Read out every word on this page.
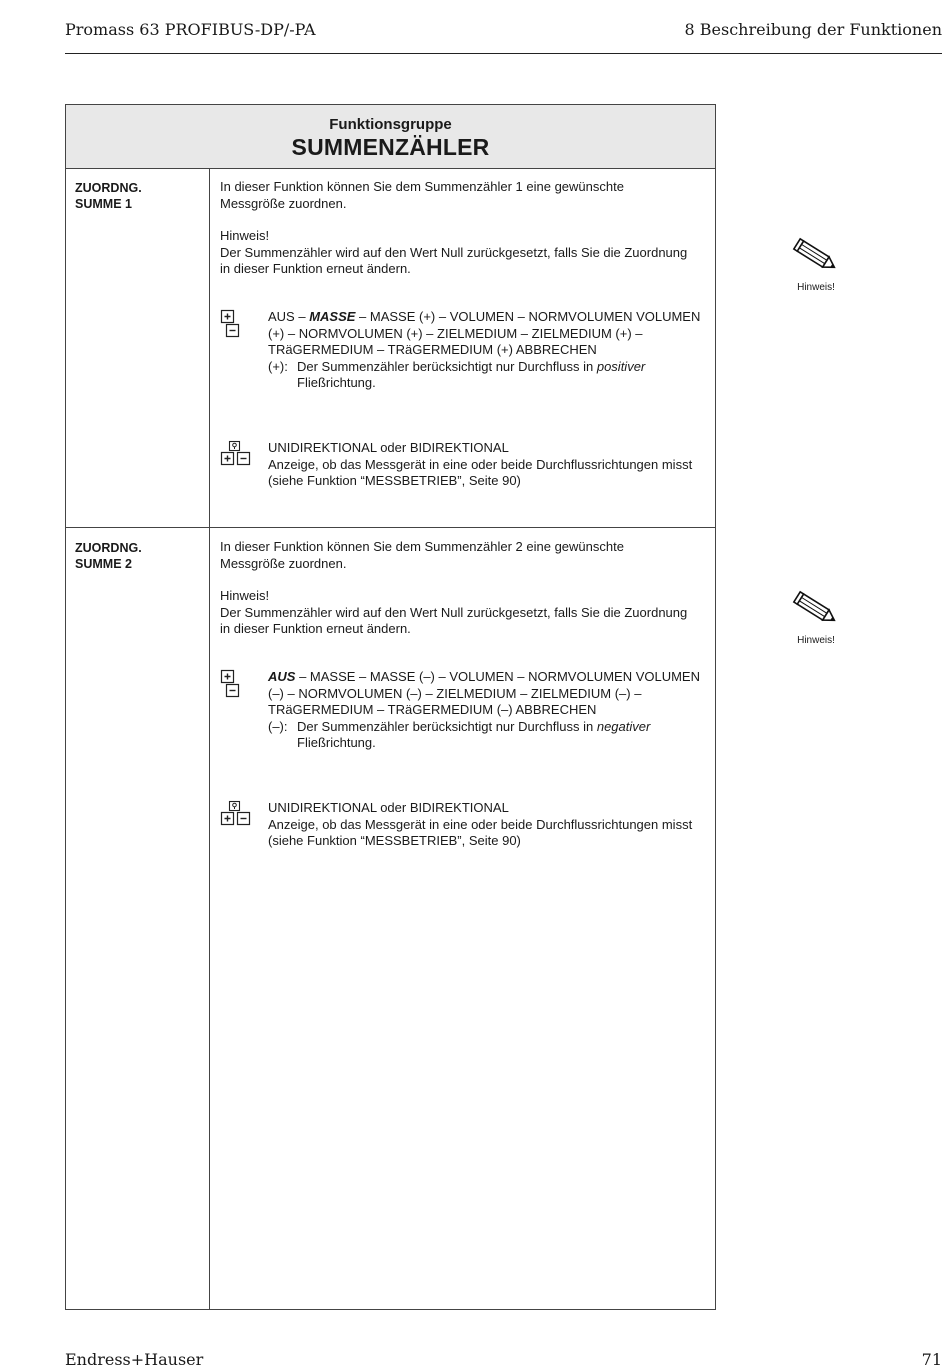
Promass 63 PROFIBUS-DP/-PA	8 Beschreibung der Funktionen
Funktionsgruppe
SUMMENZÄHLER
ZUORDNG.
SUMME 1

In dieser Funktion können Sie dem Summenzähler 1 eine gewünschte Messgröße zuordnen.

Hinweis!
Der Summenzähler wird auf den Wert Null zurückgesetzt, falls Sie die Zuordnung in dieser Funktion erneut ändern.

AUS – MASSE – MASSE (+) – VOLUMEN – NORMVOLUMEN VOLUMEN (+) – NORMVOLUMEN (+) – ZIELMEDIUM – ZIELMEDIUM (+) – TRäGERMEDIUM – TRäGERMEDIUM (+) ABBRECHEN
(+): Der Summenzähler berücksichtigt nur Durchfluss in positiver
Fließrichtung.
UNIDIREKTIONAL oder BIDIREKTIONAL
Anzeige, ob das Messgerät in eine oder beide Durchflussrichtungen misst (siehe Funktion “MESSBETRIEB”, Seite 90)
ZUORDNG.
SUMME 2

In dieser Funktion können Sie dem Summenzähler 2 eine gewünschte Messgröße zuordnen.

Hinweis!
Der Summenzähler wird auf den Wert Null zurückgesetzt, falls Sie die Zuordnung in dieser Funktion erneut ändern.

AUS – MASSE – MASSE (–) – VOLUMEN – NORMVOLUMEN VOLUMEN (–) – NORMVOLUMEN (–) – ZIELMEDIUM – ZIELMEDIUM (–) – TRäGERMEDIUM – TRäGERMEDIUM (–) ABBRECHEN
(–): Der Summenzähler berücksichtigt nur Durchfluss in negativer
Fließrichtung.
UNIDIREKTIONAL oder BIDIREKTIONAL
Anzeige, ob das Messgerät in eine oder beide Durchflussrichtungen misst (siehe Funktion “MESSBETRIEB”, Seite 90)
Hinweis!
Hinweis!
Endress+Hauser	71
